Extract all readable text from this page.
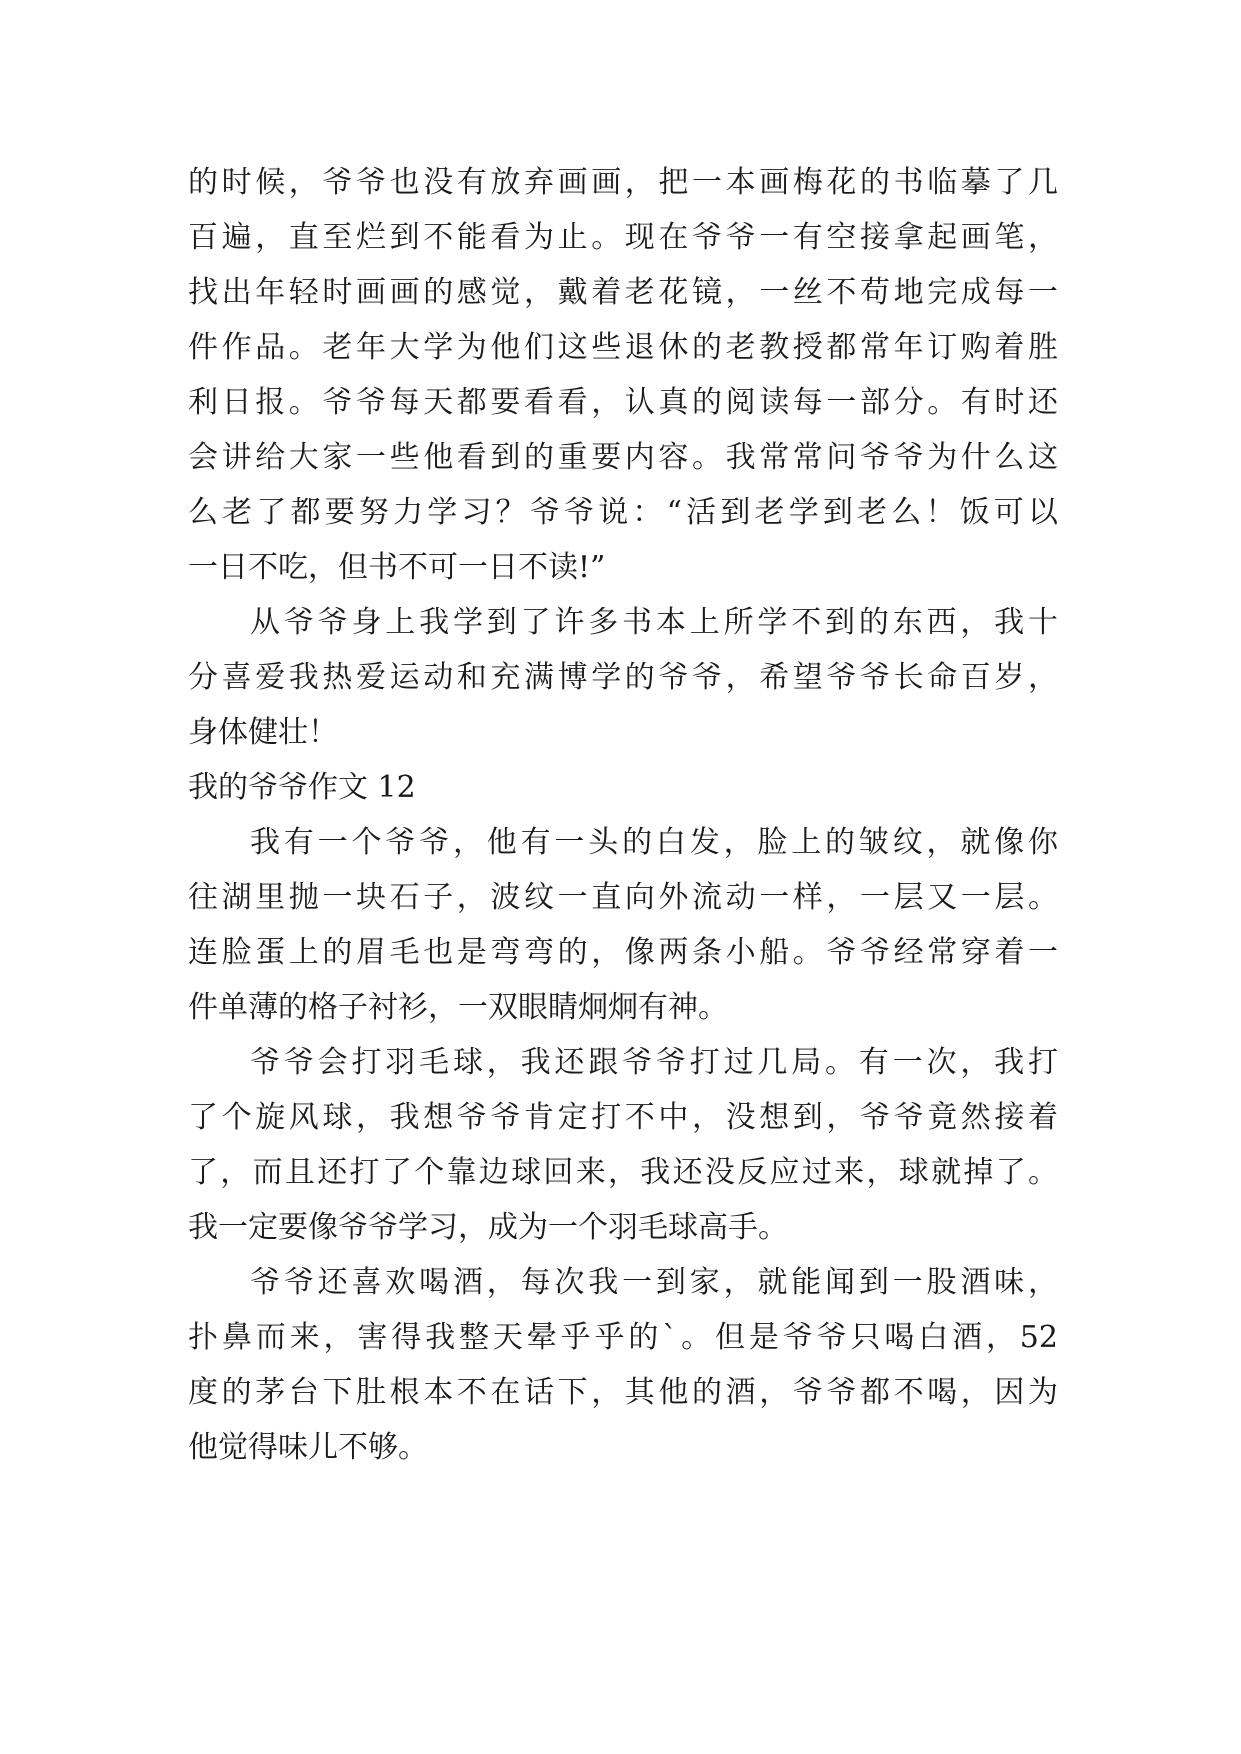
的时候，爷爷也没有放弃画画，把一本画梅花的书临摹了几
百遍，直至烂到不能看为止。现在爷爷一有空接拿起画笔，
找出年轻时画画的感觉，戴着老花镜，一丝不苟地完成每一
件作品。老年大学为他们这些退休的老教授都常年订购着胜
利日报。爷爷每天都要看看，认真的阅读每一部分。有时还
会讲给大家一些他看到的重要内容。我常常问爷爷为什么这
么老了都要努力学习？爷爷说：“活到老学到老么！饭可以
一日不吃，但书不可一日不读!”
从爷爷身上我学到了许多书本上所学不到的东西，我十
分喜爱我热爱运动和充满博学的爷爷，希望爷爷长命百岁，
身体健壮！
我的爷爷作文 12
我有一个爷爷，他有一头的白发，脸上的皱纹，就像你
往湖里抛一块石子，波纹一直向外流动一样，一层又一层。
连脸蛋上的眉毛也是弯弯的，像两条小船。爷爷经常穿着一
件单薄的格子衬衫，一双眼睛炯炯有神。
爷爷会打羽毛球，我还跟爷爷打过几局。有一次，我打
了个旋风球，我想爷爷肯定打不中，没想到，爷爷竟然接着
了，而且还打了个靠边球回来，我还没反应过来，球就掉了。
我一定要像爷爷学习，成为一个羽毛球高手。
爷爷还喜欢喝酒，每次我一到家，就能闻到一股酒味，
扑鼻而来，害得我整天晕乎乎的`。但是爷爷只喝白酒，52
度的茅台下肚根本不在话下，其他的酒，爷爷都不喝，因为
他觉得味儿不够。
